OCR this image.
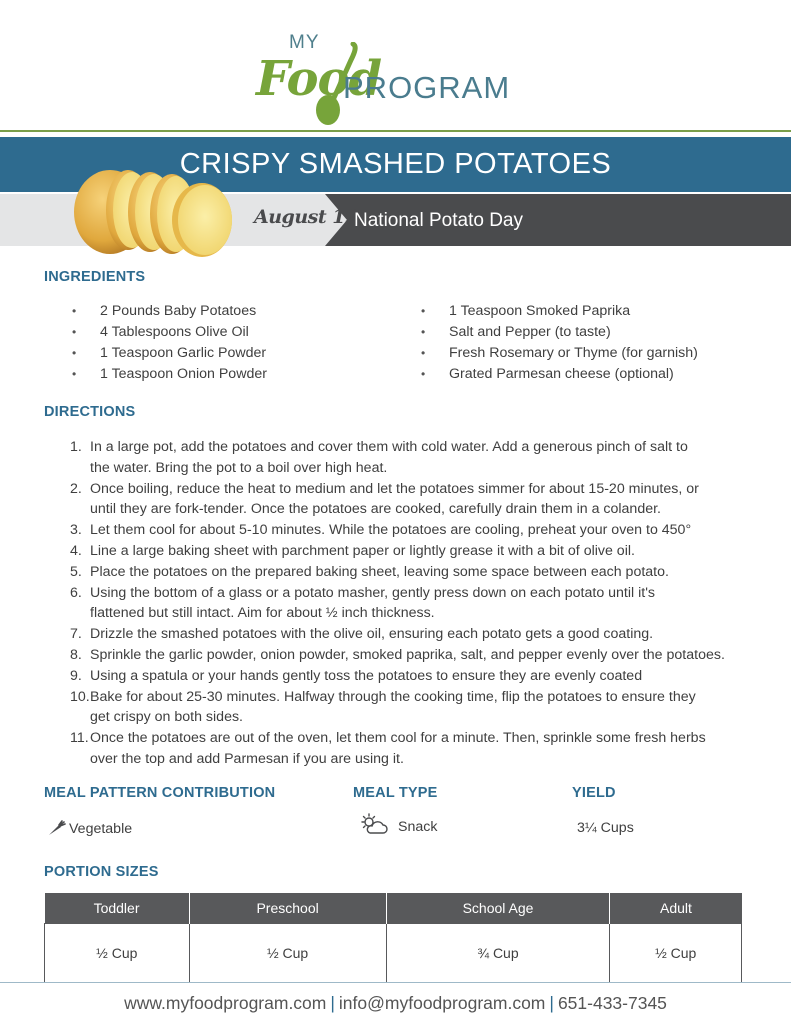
MY
Food
PROGRAM
CRISPY SMASHED POTATOES
August 19
National Potato Day
INGREDIENTS
• 2 Pounds Baby Potatoes
• 4 Tablespoons Olive Oil
• 1 Teaspoon Garlic Powder
• 1 Teaspoon Onion Powder
• 1 Teaspoon Smoked Paprika
• Salt and Pepper (to taste)
• Fresh Rosemary or Thyme (for garnish)
• Grated Parmesan cheese (optional)
DIRECTIONS
1. In a large pot, add the potatoes and cover them with cold water. Add a generous pinch of salt to
the water. Bring the pot to a boil over high heat.
2. Once boiling, reduce the heat to medium and let the potatoes simmer for about 15-20 minutes, or
until they are fork-tender. Once the potatoes are cooked, carefully drain them in a colander.
3. Let them cool for about 5-10 minutes. While the potatoes are cooling, preheat your oven to 450°
4. Line a large baking sheet with parchment paper or lightly grease it with a bit of olive oil.
5. Place the potatoes on the prepared baking sheet, leaving some space between each potato.
6. Using the bottom of a glass or a potato masher, gently press down on each potato until it's
flattened but still intact. Aim for about ½ inch thickness.
7. Drizzle the smashed potatoes with the olive oil, ensuring each potato gets a good coating.
8. Sprinkle the garlic powder, onion powder, smoked paprika, salt, and pepper evenly over the potatoes.
9. Using a spatula or your hands gently toss the potatoes to ensure they are evenly coated
10. Bake for about 25-30 minutes. Halfway through the cooking time, flip the potatoes to ensure they
get crispy on both sides.
11. Once the potatoes are out of the oven, let them cool for a minute. Then, sprinkle some fresh herbs
over the top and add Parmesan if you are using it.
MEAL PATTERN CONTRIBUTION	MEAL TYPE	YIELD
Vegetable	Snack	3¼ Cups
PORTION SIZES
Toddler	Preschool	School Age	Adult
½ Cup	½ Cup	¾ Cup	½ Cup
www.myfoodprogram.com | info@myfoodprogram.com | 651-433-7345
